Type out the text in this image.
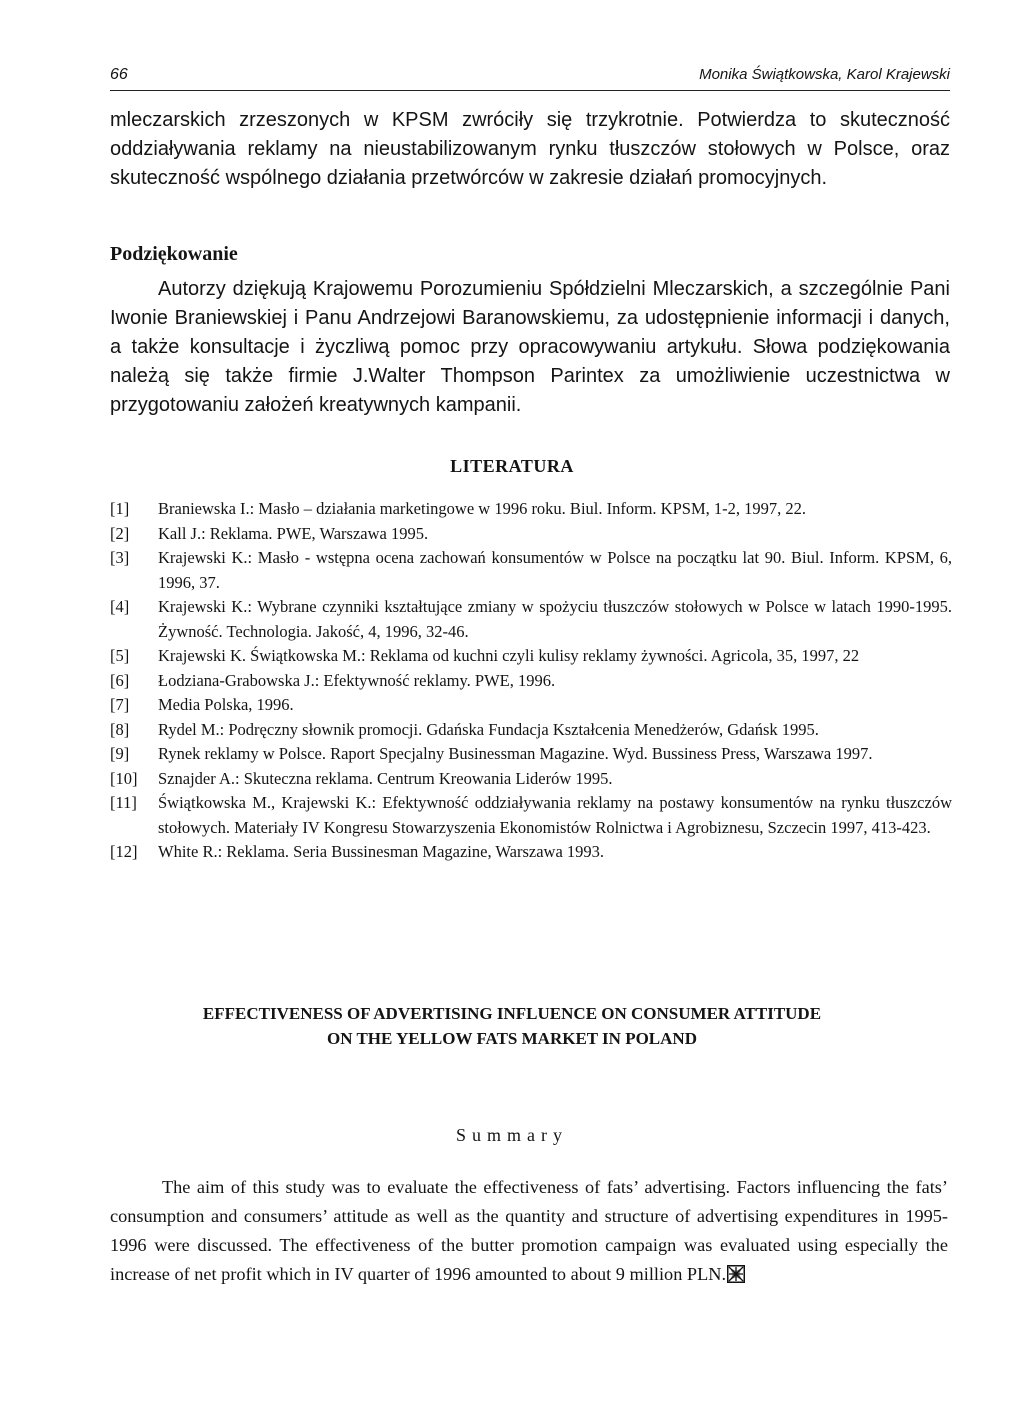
66	Monika Świątkowska, Karol Krajewski
mleczarskich zrzeszonych w KPSM zwróciły się trzykrotnie. Potwierdza to skuteczność oddziaływania reklamy na nieustabilizowanym rynku tłuszczów stołowych w Polsce, oraz skuteczność wspólnego działania przetwórców w zakresie działań promocyjnych.
Podziękowanie
Autorzy dziękują Krajowemu Porozumieniu Spółdzielni Mleczarskich, a szczególnie Pani Iwonie Braniewskiej i Panu Andrzejowi Baranowskiemu, za udostępnienie informacji i danych, a także konsultacje i życzliwą pomoc przy opracowywaniu artykułu. Słowa podziękowania należą się także firmie J.Walter Thompson Parintex za umożliwienie uczestnictwa w przygotowaniu założeń kreatywnych kampanii.
LITERATURA
[1]	Braniewska I.: Masło – działania marketingowe w 1996 roku. Biul. Inform. KPSM, 1-2, 1997, 22.
[2]	Kall J.: Reklama. PWE, Warszawa 1995.
[3]	Krajewski K.: Masło - wstępna ocena zachowań konsumentów w Polsce na początku lat 90. Biul. Inform. KPSM, 6, 1996, 37.
[4]	Krajewski K.: Wybrane czynniki kształtujące zmiany w spożyciu tłuszczów stołowych w Polsce w latach 1990-1995. Żywność. Technologia. Jakość, 4, 1996, 32-46.
[5]	Krajewski K. Świątkowska M.: Reklama od kuchni czyli kulisy reklamy żywności. Agricola, 35, 1997, 22
[6]	Łodziana-Grabowska J.: Efektywność reklamy. PWE, 1996.
[7]	Media Polska, 1996.
[8]	Rydel M.: Podręczny słownik promocji. Gdańska Fundacja Kształcenia Menedżerów, Gdańsk 1995.
[9]	Rynek reklamy w Polsce. Raport Specjalny Businessman Magazine. Wyd. Bussiness Press, Warszawa 1997.
[10]	Sznajder A.: Skuteczna reklama. Centrum Kreowania Liderów 1995.
[11]	Świątkowska M., Krajewski K.: Efektywność oddziaływania reklamy na postawy konsumentów na rynku tłuszczów stołowych. Materiały IV Kongresu Stowarzyszenia Ekonomistów Rolnictwa i Agrobiznesu, Szczecin 1997, 413-423.
[12]	White R.: Reklama. Seria Bussinesman Magazine, Warszawa 1993.
EFFECTIVENESS OF ADVERTISING INFLUENCE ON CONSUMER ATTITUDE
ON THE YELLOW FATS MARKET IN POLAND
Summary
The aim of this study was to evaluate the effectiveness of fats’ advertising. Factors influencing the fats’ consumption and consumers’ attitude as well as the quantity and structure of advertising expenditures in 1995-1996 were discussed. The effectiveness of the butter promotion campaign was evaluated using especially the increase of net profit which in IV quarter of 1996 amounted to about 9 million PLN.
